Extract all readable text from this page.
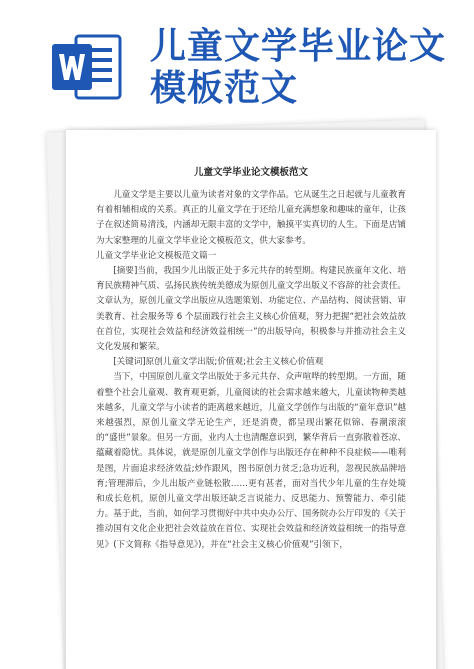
儿童文学毕业论文
模板范文
儿童文学毕业论文模板范文

儿童文学是主要以儿童为读者对象的文学作品。它从诞生之日起就与儿童教育有着相辅相成的关系。真正的儿童文学在于还给儿童充满想象和趣味的童年，让孩子在叙述简易清浅，内涵却无限丰富的文学中，触摸平实真切的人生。下面是店铺为大家整理的儿童文学毕业论文模板范文，供大家参考。

儿童文学毕业论文模板范文篇一

[摘要]当前，我国少儿出版正处于多元共存的转型期。构建民族童年文化、培育民族精神气质、弘扬民族传统美德成为原创儿童文学出版义不容辞的社会责任。文章认为，原创儿童文学出版应从选题策划、功能定位、产品结构、阅读营销、审美教育、社会服务等 6 个层面践行社会主义核心价值观，努力把握“把社会效益放在首位，实现社会效益和经济效益相统一”的出版导向，积极参与并推动社会主义文化发展和繁荣。

[关键词]原创儿童文学出版;价值观;社会主义核心价值观

当下，中国原创儿童文学出版处于多元共存、众声喧哗的转型期。一方面，随着整个社会儿童观、教育观更新，儿童阅读的社会需求越来越大，儿童读物种类越来越多，儿童文学与小读者的距离越来越近，儿童文学创作与出版的“童年意识”越来越强烈，原创儿童文学无论生产，还是消费，都呈现出繁花似锦、春潮滚滚的“盛世”景象。但另一方面，业内人士也清醒意识到，繁华背后一直弥散着苍凉、蕴藏着隐忧。具体说，就是原创儿童文学创作与出版还存在种种不良症候——唯利是图，片面追求经济效益;炒作跟风，图书原创力贫乏;急功近利，忽视民族品牌培育;管理滞后，少儿出版产业链松散……更有甚者，面对当代少年儿童的生存处境和成长危机，原创儿童文学出版还缺乏言说能力、反思能力、预警能力、牵引能力。基于此，当前，如何学习贯彻好中共中央办公厅、国务院办公厅印发的《关于推动国有文化企业把社会效益放在首位、实现社会效益和经济效益相统一的指导意见》(下文简称《指导意见》)，并在“社会主义核心价值观”引领下，
